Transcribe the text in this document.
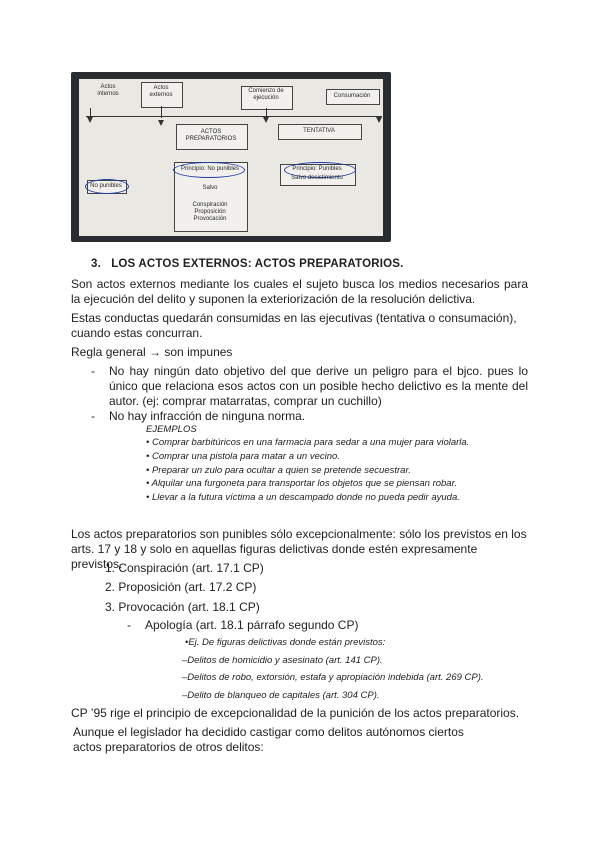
Actos
internos
Actos
externos
Comienzo de
ejecución	Consumación
ACTOS
PREPARATORIOS
TENTATIVA
No punibles
Principio: No punibles
Salvo
Conspiración
Proposición
Provocación
Principio: Punibles
Salvo desistimiento
3. LOS ACTOS EXTERNOS: ACTOS PREPARATORIOS.
Son actos externos mediante los cuales el sujeto busca los medios necesarios para la ejecución del delito y suponen la exteriorización de la resolución delictiva.
Estas conductas quedarán consumidas en las ejecutivas (tentativa o consumación), cuando estas concurran.
Regla general → son impunes
- No hay ningún dato objetivo del que derive un peligro para el bjco. pues lo único que relaciona esos actos con un posible hecho delictivo es la mente del autor. (ej: comprar matarratas, comprar un cuchillo)
- No hay infracción de ninguna norma.
EJEMPLOS
• Comprar barbitúricos en una farmacia para sedar a una mujer para violarla.
• Comprar una pistola para matar a un vecino.
• Preparar un zulo para ocultar a quien se pretende secuestrar.
• Alquilar una furgoneta para transportar los objetos que se piensan robar.
• Llevar a la futura víctima a un descampado donde no pueda pedir ayuda.
Los actos preparatorios son punibles sólo excepcionalmente: sólo los previstos en los arts. 17 y 18 y solo en aquellas figuras delictivas donde estén expresamente previstos.
1. Conspiración (art. 17.1 CP)
2. Proposición (art. 17.2 CP)
3. Provocación (art. 18.1 CP)
- Apología (art. 18.1 párrafo segundo CP)
•Ej. De figuras delictivas donde están previstos:
–Delitos de homicidio y asesinato (art. 141 CP).
–Delitos de robo, extorsión, estafa y apropiación indebida (art. 269 CP).
–Delito de blanqueo de capitales (art. 304 CP).
CP ’95 rige el principio de excepcionalidad de la punición de los actos preparatorios.
Aunque el legislador ha decidido castigar como delitos autónomos ciertos actos preparatorios de otros delitos:
